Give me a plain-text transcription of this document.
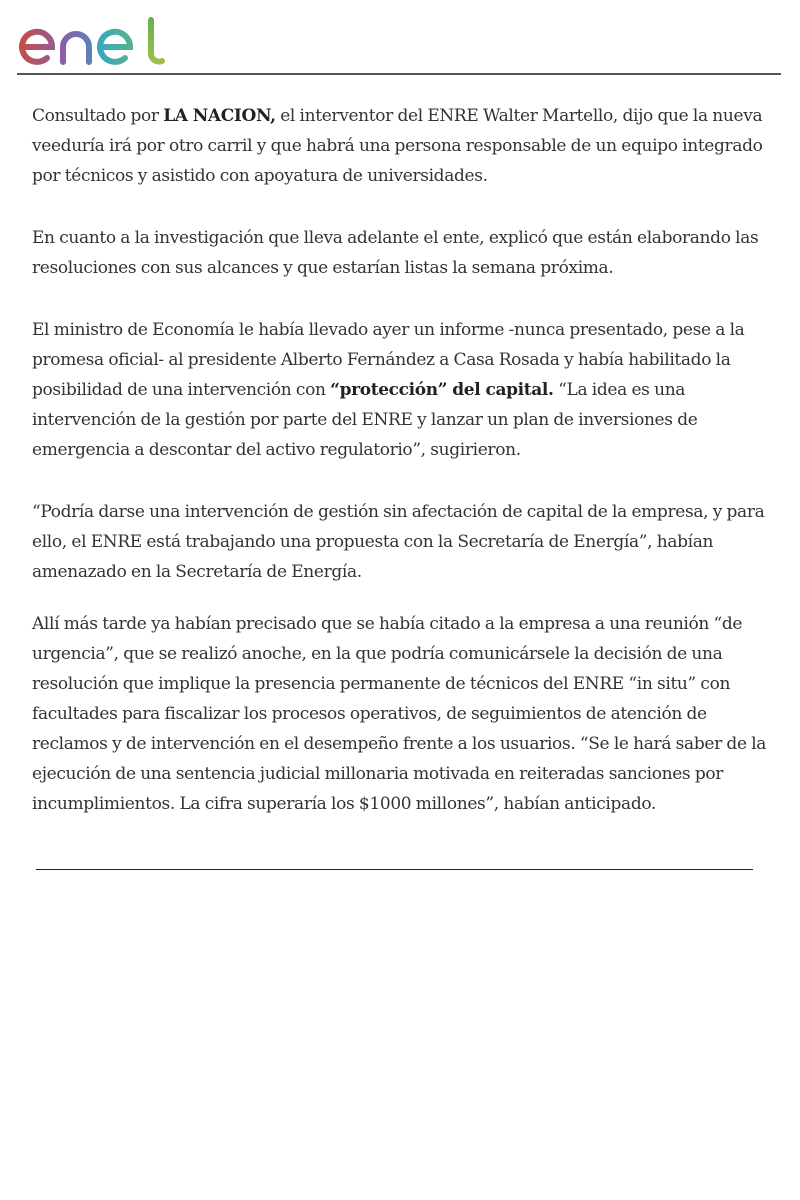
Consultado por LA NACION, el interventor del ENRE Walter Martello, dijo que la nueva veeduría irá por otro carril y que habrá una persona responsable de un equipo integrado por técnicos y asistido con apoyatura de universidades.

En cuanto a la investigación que lleva adelante el ente, explicó que están elaborando las resoluciones con sus alcances y que estarían listas la semana próxima.

El ministro de Economía le había llevado ayer un informe -nunca presentado, pese a la promesa oficial- al presidente Alberto Fernández a Casa Rosada y había habilitado la posibilidad de una intervención con “protección” del capital. “La idea es una intervención de la gestión por parte del ENRE y lanzar un plan de inversiones de emergencia a descontar del activo regulatorio”, sugirieron.

“Podría darse una intervención de gestión sin afectación de capital de la empresa, y para ello, el ENRE está trabajando una propuesta con la Secretaría de Energía”, habían amenazado en la Secretaría de Energía.

Allí más tarde ya habían precisado que se había citado a la empresa a una reunión “de urgencia”, que se realizó anoche, en la que podría comunicársele la decisión de una resolución que implique la presencia permanente de técnicos del ENRE “in situ” con facultades para fiscalizar los procesos operativos, de seguimientos de atención de reclamos y de intervención en el desempeño frente a los usuarios. “Se le hará saber de la ejecución de una sentencia judicial millonaria motivada en reiteradas sanciones por incumplimientos. La cifra superaría los $1000 millones”, habían anticipado.
